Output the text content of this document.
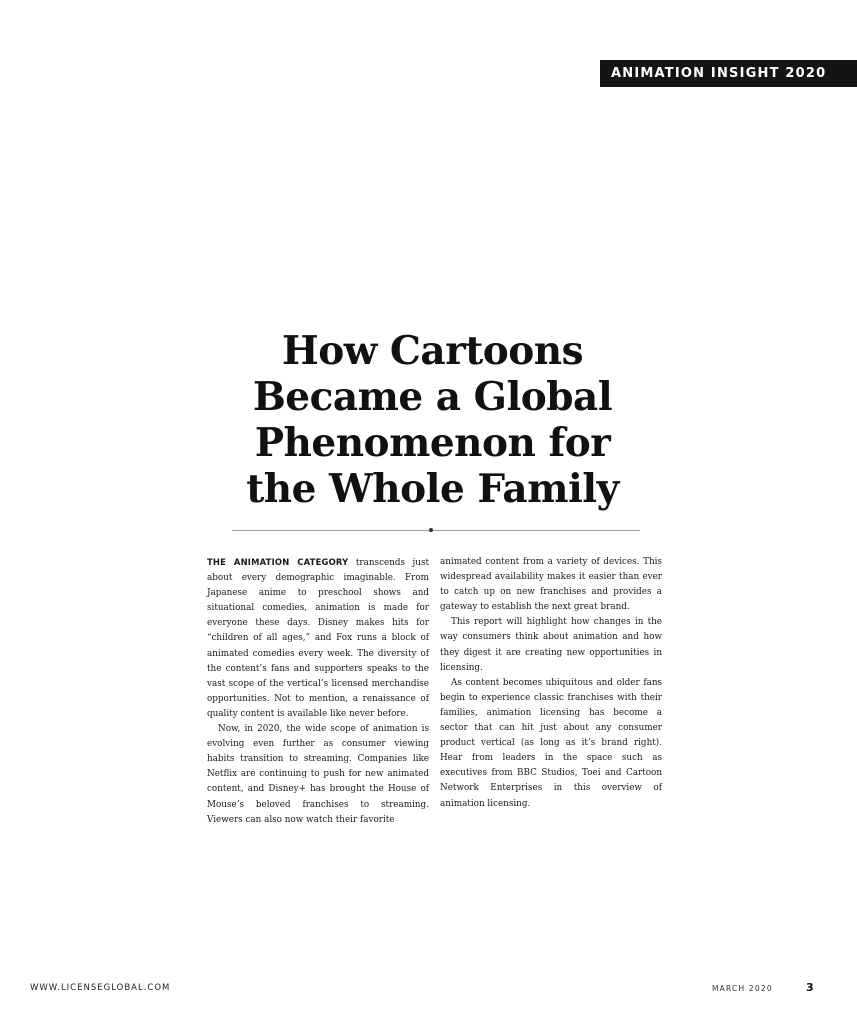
ANIMATION INSIGHT 2020
How Cartoons
Became a Global
Phenomenon for
the Whole Family

THE ANIMATION CATEGORY transcends just about every demographic imaginable. From Japanese anime to preschool shows and situational comedies, animation is made for everyone these days. Disney makes hits for “children of all ages,” and Fox runs a block of animated comedies every week. The diversity of the content’s fans and supporters speaks to the vast scope of the vertical’s licensed merchandise opportunities. Not to mention, a renaissance of quality content is available like never before.

Now, in 2020, the wide scope of animation is evolving even further as consumer viewing habits transition to streaming. Companies like Netflix are continuing to push for new animated content, and Disney+ has brought the House of Mouse’s beloved franchises to streaming. Viewers can also now watch their favorite

animated content from a variety of devices. This widespread availability makes it easier than ever to catch up on new franchises and provides a gateway to establish the next great brand.

This report will highlight how changes in the way consumers think about animation and how they digest it are creating new opportunities in licensing.

As content becomes ubiquitous and older fans begin to experience classic franchises with their families, animation licensing has become a sector that can hit just about any consumer product vertical (as long as it’s brand right). Hear from leaders in the space such as executives from BBC Studios, Toei and Cartoon Network Enterprises in this overview of animation licensing.

WWW.LICENSEGLOBAL.COM	MARCH 2020	3
